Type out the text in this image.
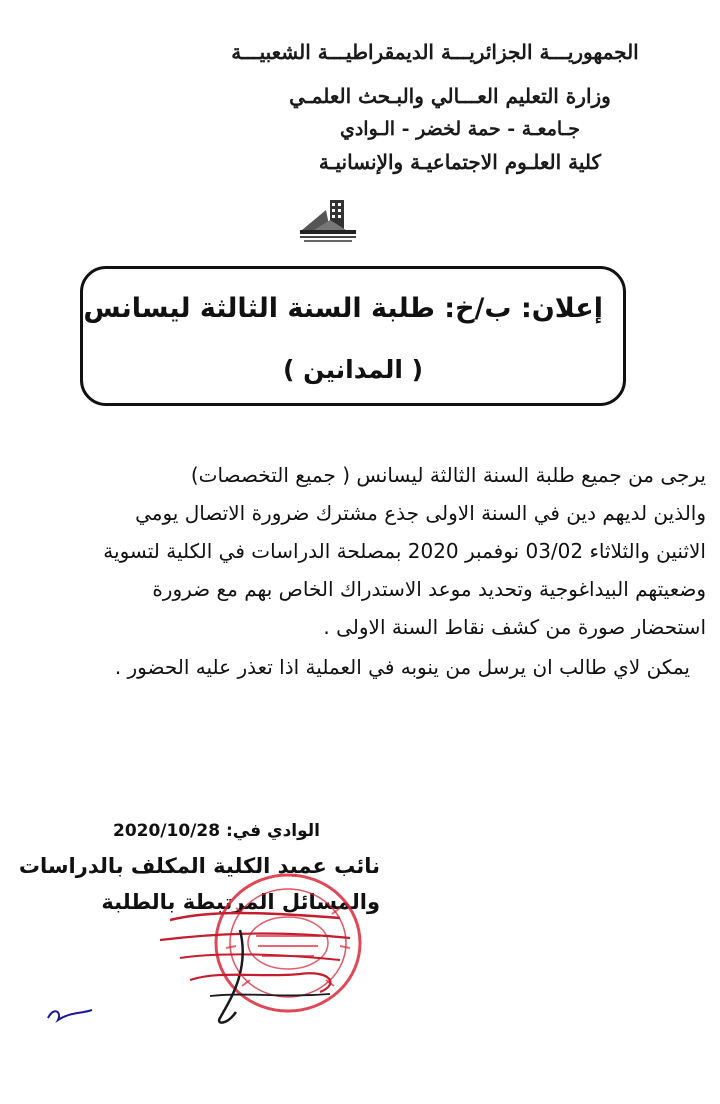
الجمهوريـــة الجزائريـــة الديمقراطيـــة الشعبيـــة
وزارة التعليم العـــالي والبـحث العلمـي
جـامعـة - حمة لخضر - الـوادي
كلية العلـوم الاجتماعيـة والإنسانيـة
إعلان: ب/خ: طلبة السنة الثالثة ليسانس
( المدانين )
يرجى من جميع طلبة السنة الثالثة ليسانس ( جميع التخصصات)
والذين لديهم دين في السنة الاولى جذع مشترك ضرورة الاتصال يومي
الاثنين والثلاثاء 03/02 نوفمبر 2020 بمصلحة الدراسات في الكلية لتسوية
وضعيتهم البيداغوجية وتحديد موعد الاستدراك الخاص بهم مع ضرورة
استحضار صورة من كشف نقاط السنة الاولى .
يمكن لاي طالب ان يرسل من ينوبه في العملية اذا تعذر عليه الحضور .
الوادي في: 2020/10/28
نائب عميد الكلية المكلف بالدراسات
والمسائل المرتبطة بالطلبة
